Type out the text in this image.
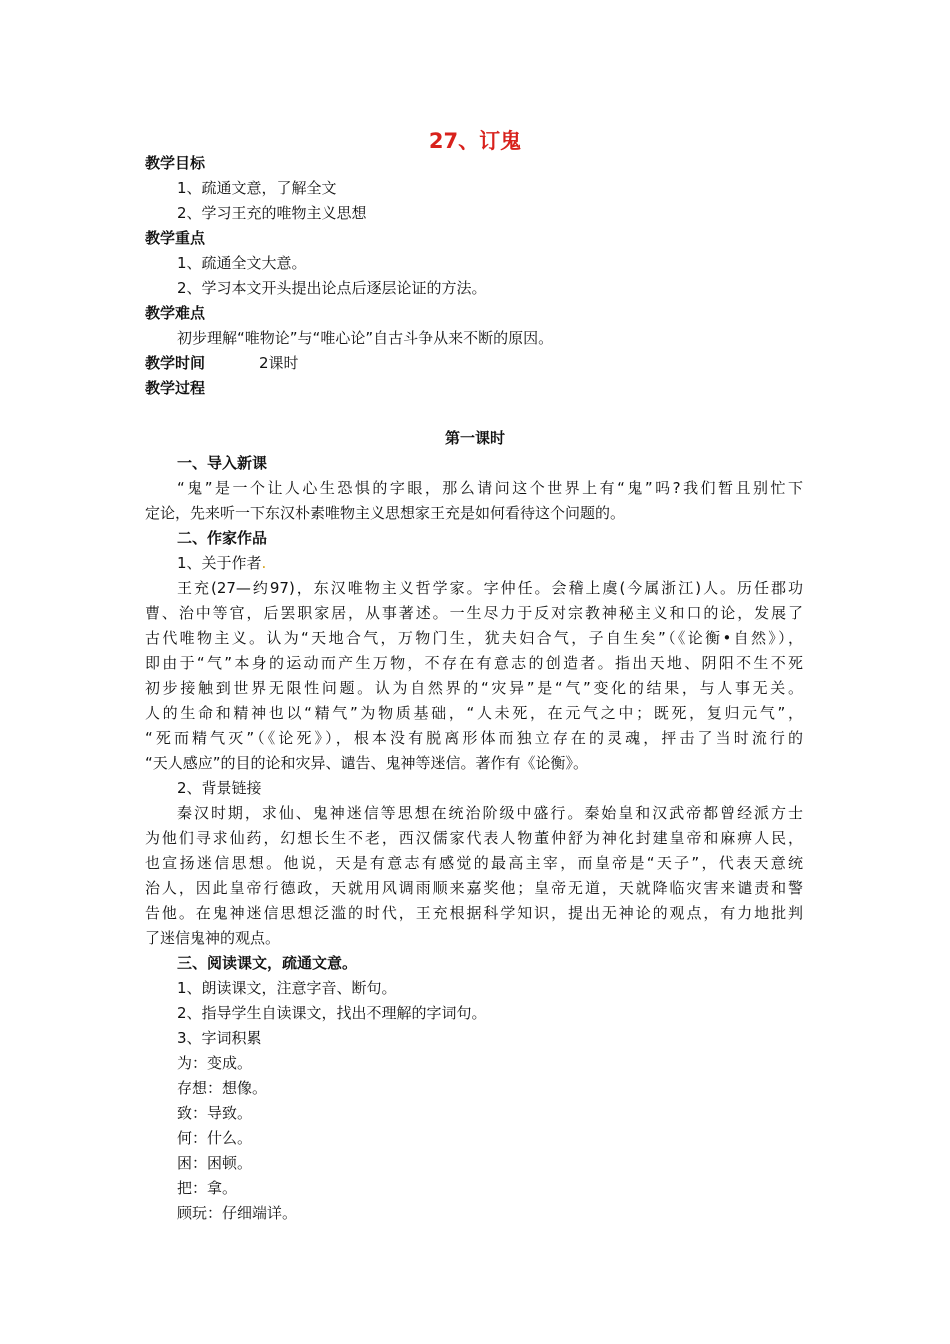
27、订鬼
教学目标
1、疏通文意，了解全文
2、学习王充的唯物主义思想
教学重点
1、疏通全文大意。
2、学习本文开头提出论点后逐层论证的方法。
教学难点
初步理解“唯物论”与“唯心论”自古斗争从来不断的原因。
教学时间	2课时
教学过程
第一课时
一、导入新课
“鬼”是一个让人心生恐惧的字眼，那么请问这个世界上有“鬼”吗?我们暂且别忙下
定论，先来听一下东汉朴素唯物主义思想家王充是如何看待这个问题的。
二、作家作品
1、关于作者.
王充(27—约97)，东汉唯物主义哲学家。字仲任。会稽上虞(今属浙江)人。历任郡功
曹、治中等官，后罢职家居，从事著述。一生尽力于反对宗教神秘主义和口的论，发展了
古代唯物主义。认为“天地合气，万物门生，犹夫妇合气，子自生矣”（《论衡•自然》），
即由于“气”本身的运动而产生万物，不存在有意志的创造者。指出天地、阴阳不生不死
初步接触到世界无限性问题。认为自然界的“灾异”是“气”变化的结果，与人事无关。
人的生命和精神也以“精气”为物质基础，“人未死，在元气之中；既死，复归元气”，
“死而精气灭”（《论死》），根本没有脱离形体而独立存在的灵魂，抨击了当时流行的
“天人感应”的目的论和灾异、谴告、鬼神等迷信。著作有《论衡》。
2、背景链接
秦汉时期，求仙、鬼神迷信等思想在统治阶级中盛行。秦始皇和汉武帝都曾经派方士
为他们寻求仙药，幻想长生不老，西汉儒家代表人物董仲舒为神化封建皇帝和麻痹人民，
也宣扬迷信思想。他说，天是有意志有感觉的最高主宰，而皇帝是“天子”，代表天意统
治人，因此皇帝行德政，天就用风调雨顺来嘉奖他；皇帝无道，天就降临灾害来谴责和警
告他。在鬼神迷信思想泛滥的时代，王充根据科学知识，提出无神论的观点，有力地批判
了迷信鬼神的观点。
三、阅读课文，疏通文意。
1、朗读课文，注意字音、断句。
2、指导学生自读课文，找出不理解的字词句。
3、字词积累
为：变成。
存想：想像。
致：导致。
何：什么。
困：困顿。
把：拿。
顾玩：仔细端详。
